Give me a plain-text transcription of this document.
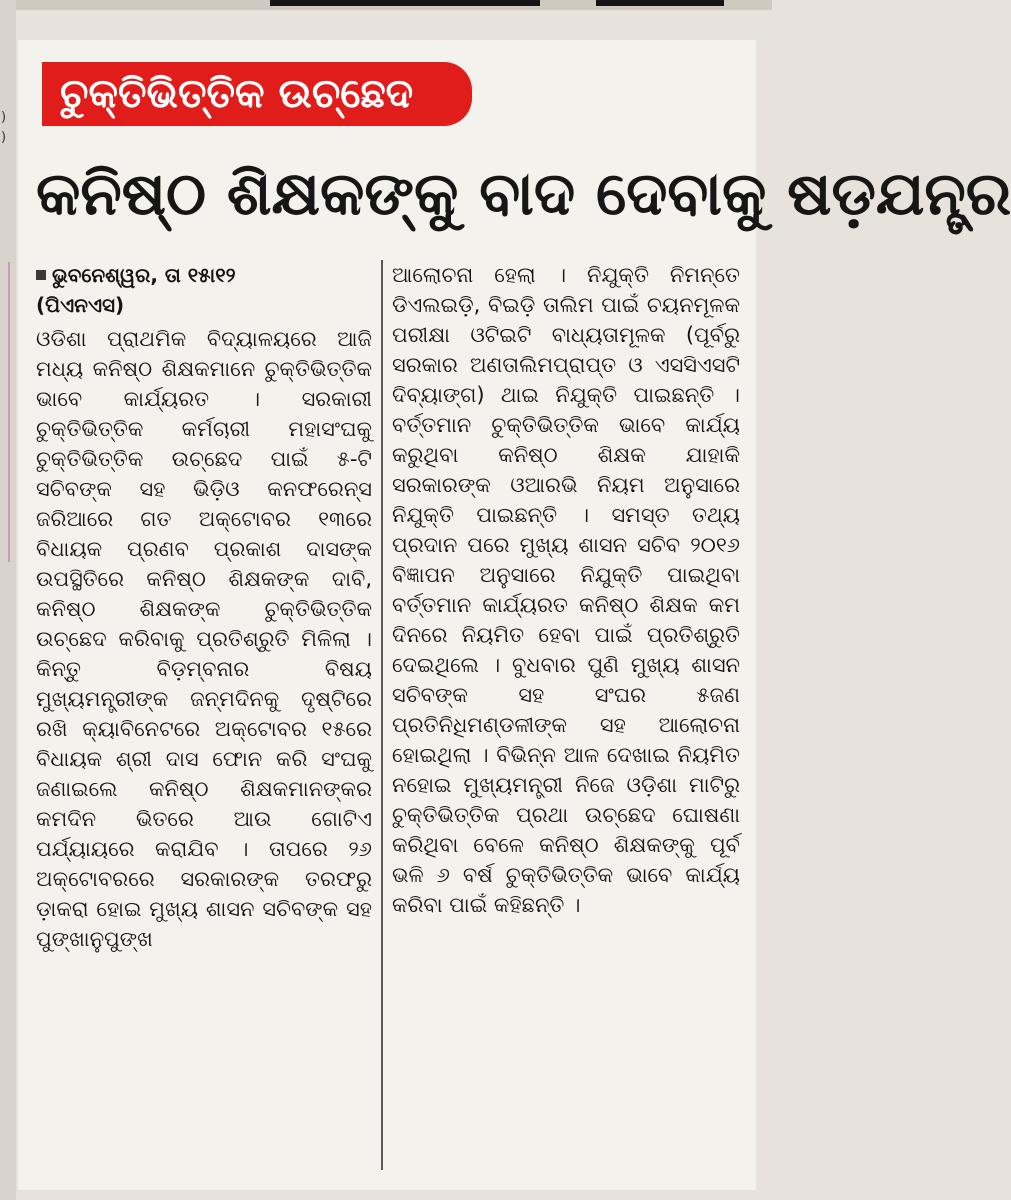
)
)
ଚୁକ୍ତିଭିତ୍ତିକ ଉଚ୍ଛେଦ
କନିଷ୍ଠ ଶିକ୍ଷକଙ୍କୁ ବାଦ ଦେବାକୁ ଷଡ଼ଯନ୍ତ୍ର
ଭୁବନେଶ୍ୱର, ତା ୧୫ା୧୨
(ପିଏନଏସ)
ଓଡିଶା ପ୍ରାଥମିକ ବିଦ୍ୟାଳୟରେ ଆଜି ମଧ୍ୟ କନିଷ୍ଠ ଶିକ୍ଷକମାନେ ଚୁକ୍ତିଭିତ୍ତିକ ଭାବେ କାର୍ଯ୍ୟରତ । ସରକାରୀ ଚୁକ୍ତିଭିତ୍ତିକ କର୍ମଚାରୀ ମହାସଂଘକୁ ଚୁକ୍ତିଭିତ୍ତିକ ଉଚ୍ଛେଦ ପାଇଁ ୫-ଟି ସଚିବଙ୍କ ସହ ଭିଡ଼ିଓ କନଫରେନ୍ସ ଜରିଆରେ ଗତ ଅକ୍ଟୋବର ୧୩ରେ ବିଧାୟକ ପ୍ରଣବ ପ୍ରକାଶ ଦାସଙ୍କ ଉପସ୍ଥିତିରେ କନିଷ୍ଠ ଶିକ୍ଷକଙ୍କ ଦାବି, କନିଷ୍ଠ ଶିକ୍ଷକଙ୍କ ଚୁକ୍ତିଭିତ୍ତିକ ଉଚ୍ଛେଦ କରିବାକୁ ପ୍ରତିଶ୍ରୁତି ମିଳିଲା । କିନ୍ତୁ ବିଡ଼ମ୍ବନାର ବିଷୟ ମୁଖ୍ୟମନ୍ତ୍ରୀଙ୍କ ଜନ୍ମଦିନକୁ ଦୃଷ୍ଟିରେ ରଖି କ୍ୟାବିନେଟରେ ଅକ୍ଟୋବର ୧୫ରେ ବିଧାୟକ ଶ୍ରୀ ଦାସ ଫୋନ କରି ସଂଘକୁ ଜଣାଇଲେ କନିଷ୍ଠ ଶିକ୍ଷକମାନଙ୍କର କମଦିନ ଭିତରେ ଆଉ ଗୋଟିଏ ପର୍ଯ୍ୟାୟରେ କରାଯିବ । ତାପରେ ୨୬ ଅକ୍ଟୋବରରେ ସରକାରଙ୍କ ତରଫରୁ ଡ଼ାକରା ହୋଇ ମୁଖ୍ୟ ଶାସନ ସଚିବଙ୍କ ସହ ପୁଙ୍ଖାନୁପୁଙ୍ଖ
ଆଲୋଚନା ହେଲା । ନିଯୁକ୍ତି ନିମନ୍ତେ ଡିଏଲଇଡ଼ି, ବିଇଡ଼ି ତାଲିମ ପାଇଁ ଚୟନମୂଳକ ପରୀକ୍ଷା ଓଟିଇଟି ବାଧ୍ୟତାମୂଳକ (ପୂର୍ବରୁ ସରକାର ଅଣତାଲିମପ୍ରାପ୍ତ ଓ ଏସସିଏସଟି ଦିବ୍ୟାଙ୍ଗ) ଥାଇ ନିଯୁକ୍ତି ପାଇଛନ୍ତି । ବର୍ତ୍ତମାନ ଚୁକ୍ତିଭିତ୍ତିକ ଭାବେ କାର୍ଯ୍ୟ କରୁଥିବା କନିଷ୍ଠ ଶିକ୍ଷକ ଯାହାକି ସରକାରଙ୍କ ଓଆରଭି ନିୟମ ଅନୁସାରେ ନିଯୁକ୍ତି ପାଇଛନ୍ତି । ସମସ୍ତ ତଥ୍ୟ ପ୍ରଦାନ ପରେ ମୁଖ୍ୟ ଶାସନ ସଚିବ ୨୦୧୬ ବିଜ୍ଞାପନ ଅନୁସାରେ ନିଯୁକ୍ତି ପାଇଥିବା ବର୍ତ୍ତମାନ କାର୍ଯ୍ୟରତ କନିଷ୍ଠ ଶିକ୍ଷକ କମ ଦିନରେ ନିୟମିତ ହେବା ପାଇଁ ପ୍ରତିଶ୍ରୁତି ଦେଇଥିଲେ । ବୁଧବାର ପୁଣି ମୁଖ୍ୟ ଶାସନ ସଚିବଙ୍କ ସହ ସଂଘର ୫ଜଣ ପ୍ରତିନିଧିମଣ୍ଡଳୀଙ୍କ ସହ ଆଲୋଚନା ହୋଇଥିଲା । ବିଭିନ୍ନ ଆଳ ଦେଖାଇ ନିୟମିତ ନହୋଇ ମୁଖ୍ୟମନ୍ତ୍ରୀ ନିଜେ ଓଡ଼ିଶା ମାଟିରୁ ଚୁକ୍ତିଭିତ୍ତିକ ପ୍ରଥା ଉଚ୍ଛେଦ ଘୋଷଣା କରିଥିବା ବେଳେ କନିଷ୍ଠ ଶିକ୍ଷକଙ୍କୁ ପୂର୍ବ ଭଳି ୬ ବର୍ଷ ଚୁକ୍ତିଭିତ୍ତିକ ଭାବେ କାର୍ଯ୍ୟ କରିବା ପାଇଁ କହିଛନ୍ତି ।
